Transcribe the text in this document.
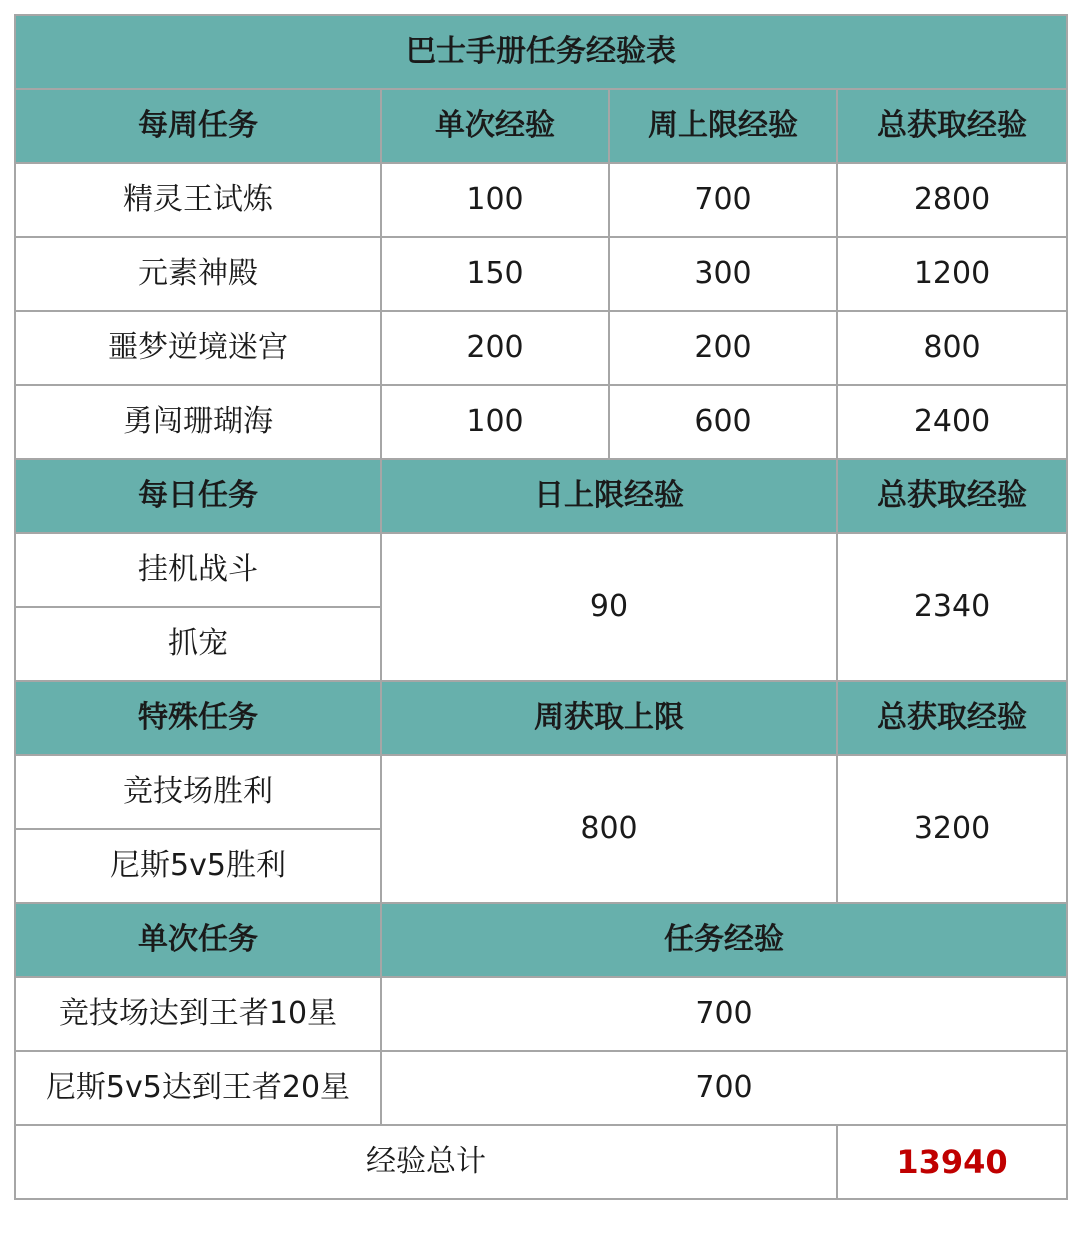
巴士手册任务经验表			
每周任务	单次经验	周上限经验	总获取经验
精灵王试炼	100	700	2800
元素神殿	150	300	1200
噩梦逆境迷宫	200	200	800
勇闯珊瑚海	100	600	2400
每日任务	日上限经验		总获取经验
挂机战斗	90		2340
抓宠			
特殊任务	周获取上限		总获取经验
竞技场胜利	800		3200
尼斯5v5胜利			
单次任务	任务经验		
竞技场达到王者10星	700		
尼斯5v5达到王者20星	700		
经验总计			13940
